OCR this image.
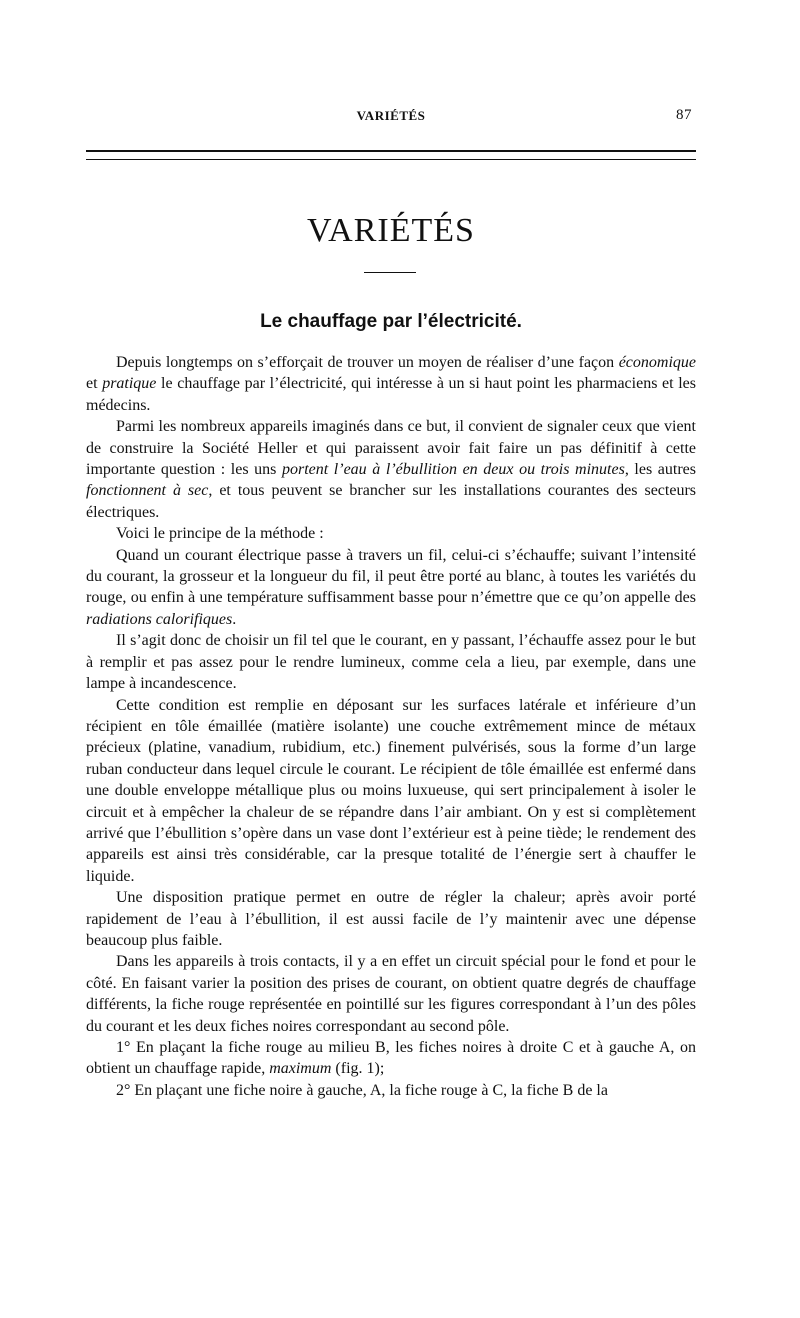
VARIÉTÉS	87
VARIÉTÉS
Le chauffage par l’électricité.

Depuis longtemps on s’efforçait de trouver un moyen de réaliser d’une façon économique et pratique le chauffage par l’électricité, qui intéresse à un si haut point les pharmaciens et les médecins.

Parmi les nombreux appareils imaginés dans ce but, il convient de signaler ceux que vient de construire la Société Heller et qui paraissent avoir fait faire un pas définitif à cette importante question : les uns portent l’eau à l’ébullition en deux ou trois minutes, les autres fonctionnent à sec, et tous peuvent se brancher sur les installations courantes des secteurs électriques.

Voici le principe de la méthode :

Quand un courant électrique passe à travers un fil, celui-ci s’échauffe; suivant l’intensité du courant, la grosseur et la longueur du fil, il peut être porté au blanc, à toutes les variétés du rouge, ou enfin à une température suffisamment basse pour n’émettre que ce qu’on appelle des radiations calorifiques.

Il s’agit donc de choisir un fil tel que le courant, en y passant, l’échauffe assez pour le but à remplir et pas assez pour le rendre lumineux, comme cela a lieu, par exemple, dans une lampe à incandescence.

Cette condition est remplie en déposant sur les surfaces latérale et inférieure d’un récipient en tôle émaillée (matière isolante) une couche extrêmement mince de métaux précieux (platine, vanadium, rubidium, etc.) finement pulvérisés, sous la forme d’un large ruban conducteur dans lequel circule le courant. Le récipient de tôle émaillée est enfermé dans une double enveloppe métallique plus ou moins luxueuse, qui sert principalement à isoler le circuit et à empêcher la chaleur de se répandre dans l’air ambiant. On y est si complètement arrivé que l’ébullition s’opère dans un vase dont l’extérieur est à peine tiède; le rendement des appareils est ainsi très considérable, car la presque totalité de l’énergie sert à chauffer le liquide.

Une disposition pratique permet en outre de régler la chaleur; après avoir porté rapidement de l’eau à l’ébullition, il est aussi facile de l’y maintenir avec une dépense beaucoup plus faible.

Dans les appareils à trois contacts, il y a en effet un circuit spécial pour le fond et pour le côté. En faisant varier la position des prises de courant, on obtient quatre degrés de chauffage différents, la fiche rouge représentée en pointillé sur les figures correspondant à l’un des pôles du courant et les deux fiches noires correspondant au second pôle.

1° En plaçant la fiche rouge au milieu B, les fiches noires à droite C et à gauche A, on obtient un chauffage rapide, maximum (fig. 1);

2° En plaçant une fiche noire à gauche, A, la fiche rouge à C, la fiche B de la
